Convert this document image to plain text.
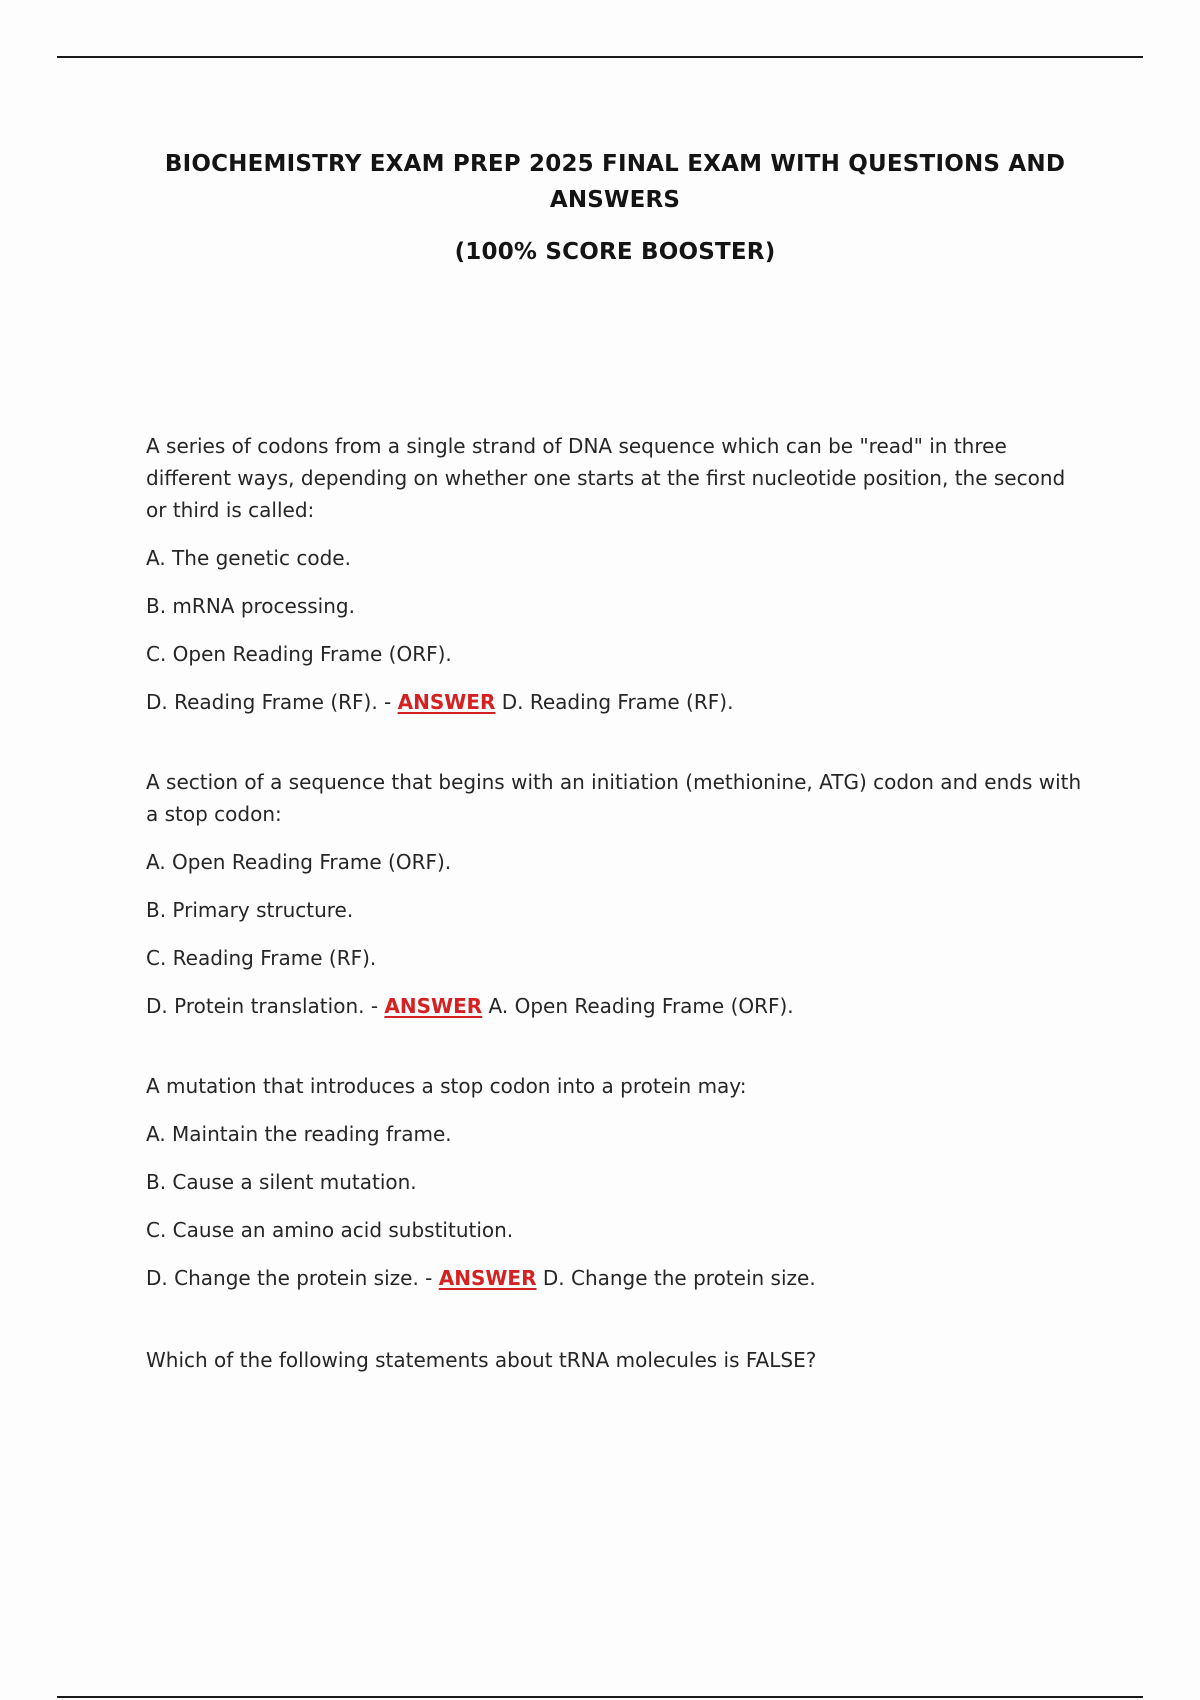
BIOCHEMISTRY EXAM PREP 2025 FINAL EXAM WITH QUESTIONS AND
ANSWERS
(100% SCORE BOOSTER)

A series of codons from a single strand of DNA sequence which can be "read" in three different ways, depending on whether one starts at the first nucleotide position, the second or third is called:

A. The genetic code.
B. mRNA processing.
C. Open Reading Frame (ORF).
D. Reading Frame (RF). - ANSWER D. Reading Frame (RF).

A section of a sequence that begins with an initiation (methionine, ATG) codon and ends with a stop codon:

A. Open Reading Frame (ORF).
B. Primary structure.
C. Reading Frame (RF).
D. Protein translation. - ANSWER A. Open Reading Frame (ORF).

A mutation that introduces a stop codon into a protein may:

A. Maintain the reading frame.
B. Cause a silent mutation.
C. Cause an amino acid substitution.
D. Change the protein size. - ANSWER D. Change the protein size.

Which of the following statements about tRNA molecules is FALSE?
